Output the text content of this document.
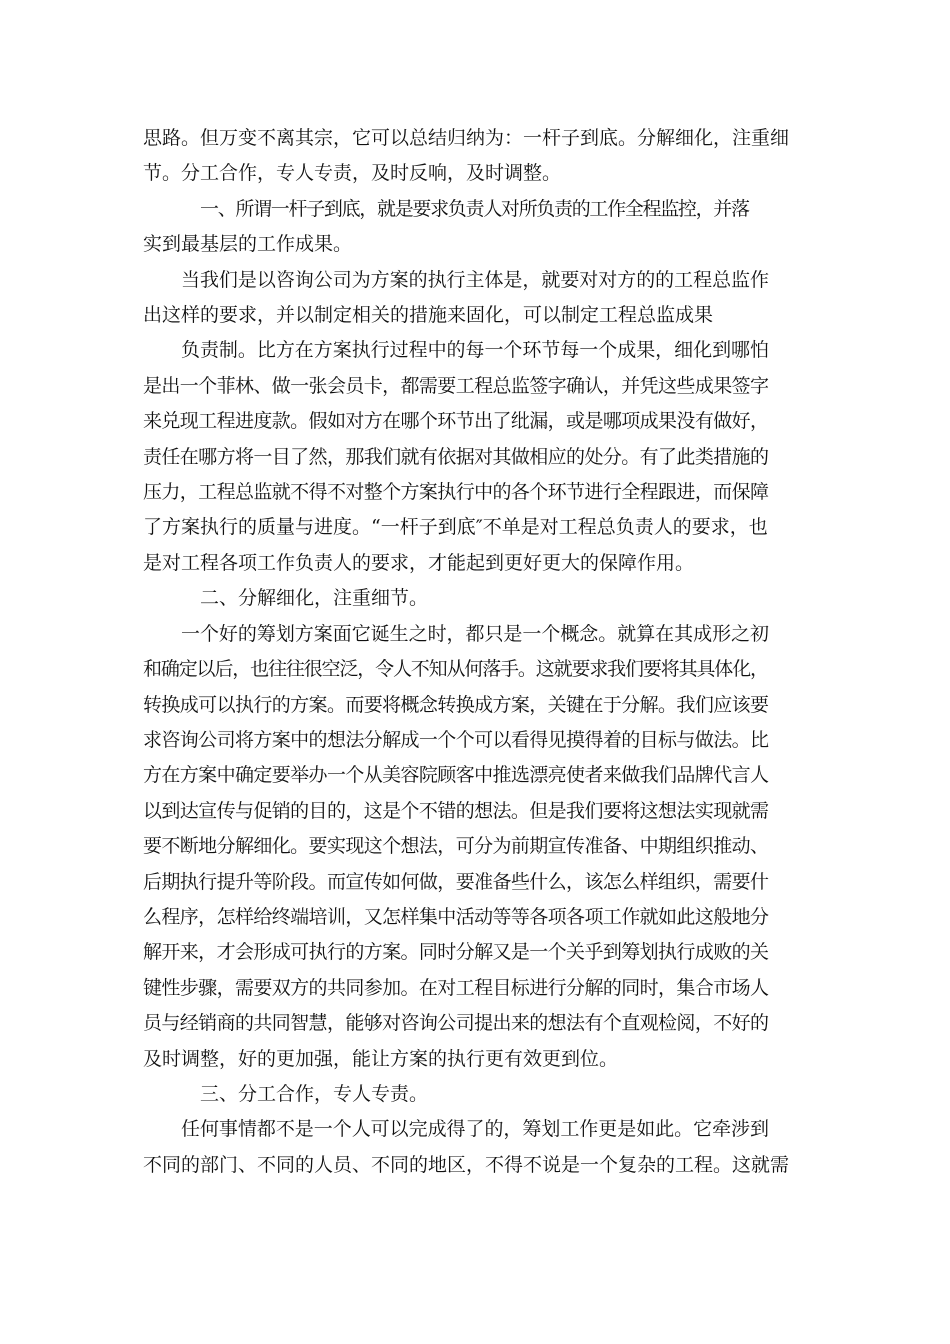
思路。但万变不离其宗，它可以总结归纳为：一杆子到底。分解细化，注重细
节。分工合作，专人专责，及时反响，及时调整。
一、所谓一杆子到底，就是要求负责人对所负责的工作全程监控，并落
实到最基层的工作成果。
当我们是以咨询公司为方案的执行主体是，就要对对方的的工程总监作
出这样的要求，并以制定相关的措施来固化，可以制定工程总监成果
负责制。比方在方案执行过程中的每一个环节每一个成果，细化到哪怕
是出一个菲林、做一张会员卡，都需要工程总监签字确认，并凭这些成果签字
来兑现工程进度款。假如对方在哪个环节出了纰漏，或是哪项成果没有做好，
责任在哪方将一目了然，那我们就有依据对其做相应的处分。有了此类措施的
压力，工程总监就不得不对整个方案执行中的各个环节进行全程跟进，而保障
了方案执行的质量与进度。“一杆子到底″不单是对工程总负责人的要求，也
是对工程各项工作负责人的要求，才能起到更好更大的保障作用。
二、分解细化，注重细节。
一个好的筹划方案面它诞生之时，都只是一个概念。就算在其成形之初
和确定以后，也往往很空泛，令人不知从何落手。这就要求我们要将其具体化，
转换成可以执行的方案。而要将概念转换成方案，关键在于分解。我们应该要
求咨询公司将方案中的想法分解成一个个可以看得见摸得着的目标与做法。比
方在方案中确定要举办一个从美容院顾客中推选漂亮使者来做我们品牌代言人
以到达宣传与促销的目的，这是个不错的想法。但是我们要将这想法实现就需
要不断地分解细化。要实现这个想法，可分为前期宣传准备、中期组织推动、
后期执行提升等阶段。而宣传如何做，要准备些什么，该怎么样组织，需要什
么程序，怎样给终端培训，又怎样集中活动等等各项各项工作就如此这般地分
解开来，才会形成可执行的方案。同时分解又是一个关乎到筹划执行成败的关
键性步骤，需要双方的共同参加。在对工程目标进行分解的同时，集合市场人
员与经销商的共同智慧，能够对咨询公司提出来的想法有个直观检阅，不好的
及时调整，好的更加强，能让方案的执行更有效更到位。
三、分工合作，专人专责。
任何事情都不是一个人可以完成得了的，筹划工作更是如此。它牵涉到
不同的部门、不同的人员、不同的地区，不得不说是一个复杂的工程。这就需
